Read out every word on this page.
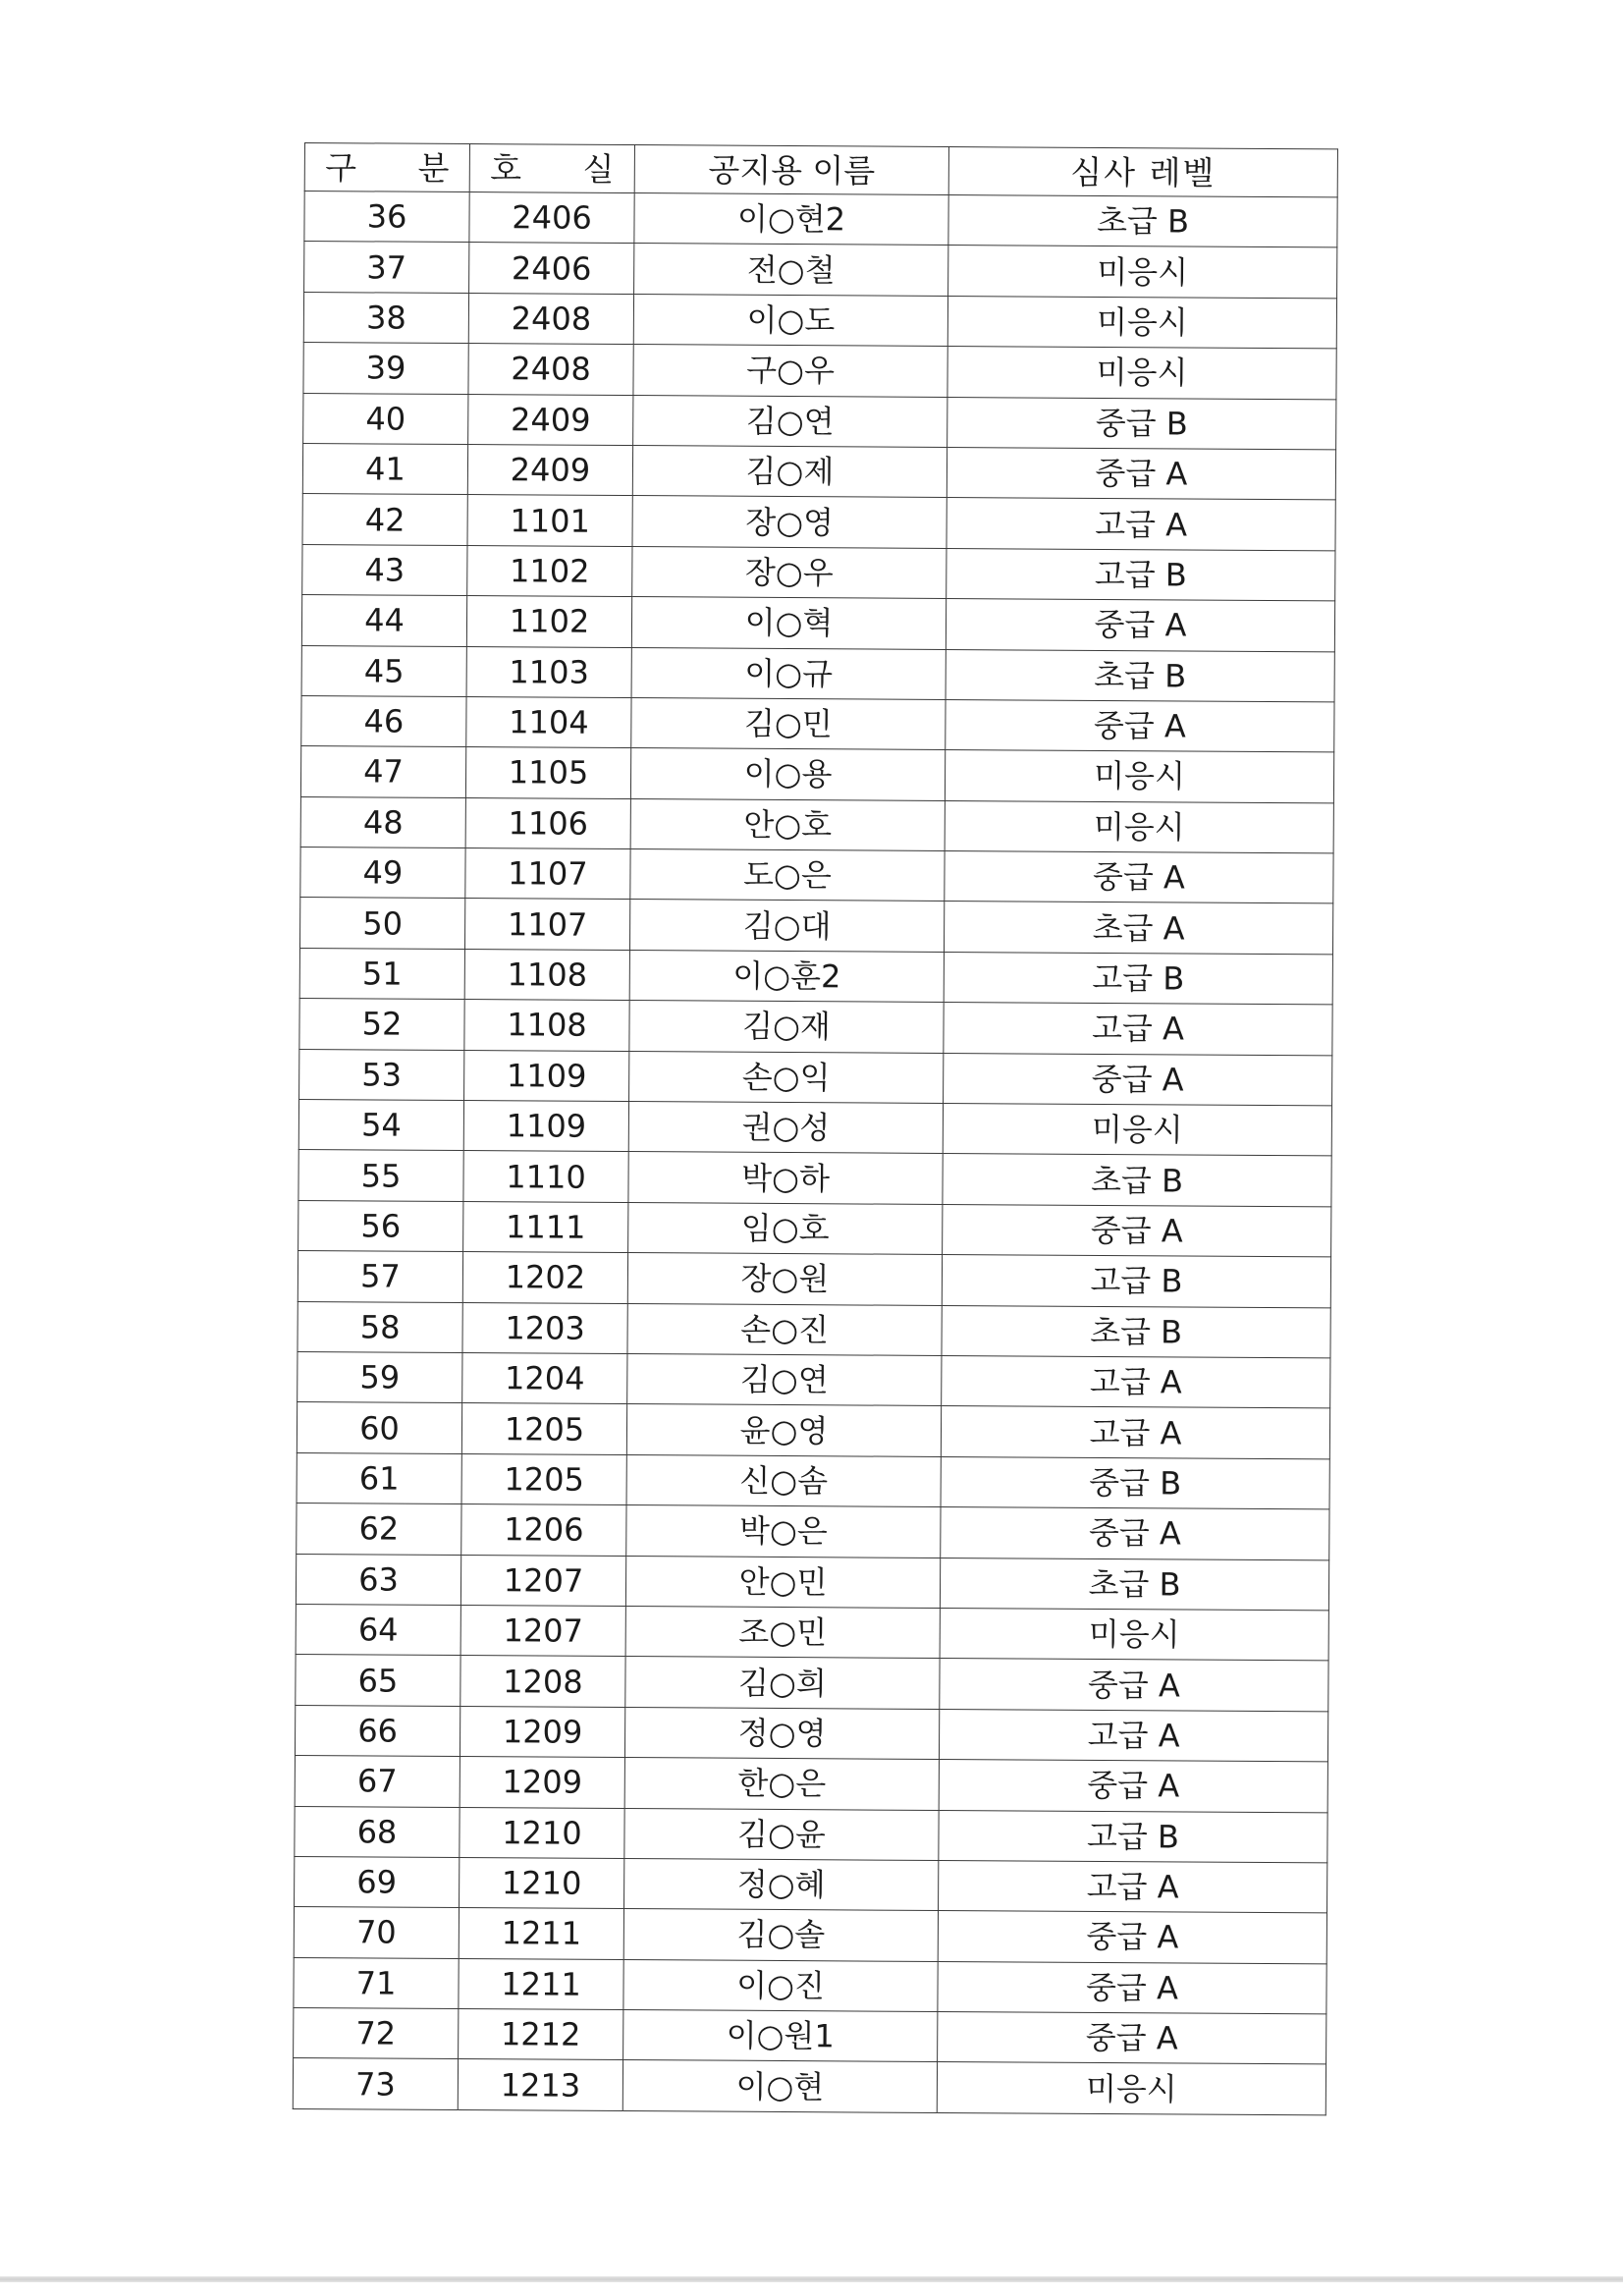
구 분	호 실	공지용 이름	심사 레벨
36	2406	이○현2	초급 B
37	2406	전○철	미응시
38	2408	이○도	미응시
39	2408	구○우	미응시
40	2409	김○연	중급 B
41	2409	김○제	중급 A
42	1101	장○영	고급 A
43	1102	장○우	고급 B
44	1102	이○혁	중급 A
45	1103	이○규	초급 B
46	1104	김○민	중급 A
47	1105	이○용	미응시
48	1106	안○호	미응시
49	1107	도○은	중급 A
50	1107	김○대	초급 A
51	1108	이○훈2	고급 B
52	1108	김○재	고급 A
53	1109	손○익	중급 A
54	1109	권○성	미응시
55	1110	박○하	초급 B
56	1111	임○호	중급 A
57	1202	장○원	고급 B
58	1203	손○진	초급 B
59	1204	김○연	고급 A
60	1205	윤○영	고급 A
61	1205	신○솜	중급 B
62	1206	박○은	중급 A
63	1207	안○민	초급 B
64	1207	조○민	미응시
65	1208	김○희	중급 A
66	1209	정○영	고급 A
67	1209	한○은	중급 A
68	1210	김○윤	고급 B
69	1210	정○혜	고급 A
70	1211	김○솔	중급 A
71	1211	이○진	중급 A
72	1212	이○원1	중급 A
73	1213	이○현	미응시
